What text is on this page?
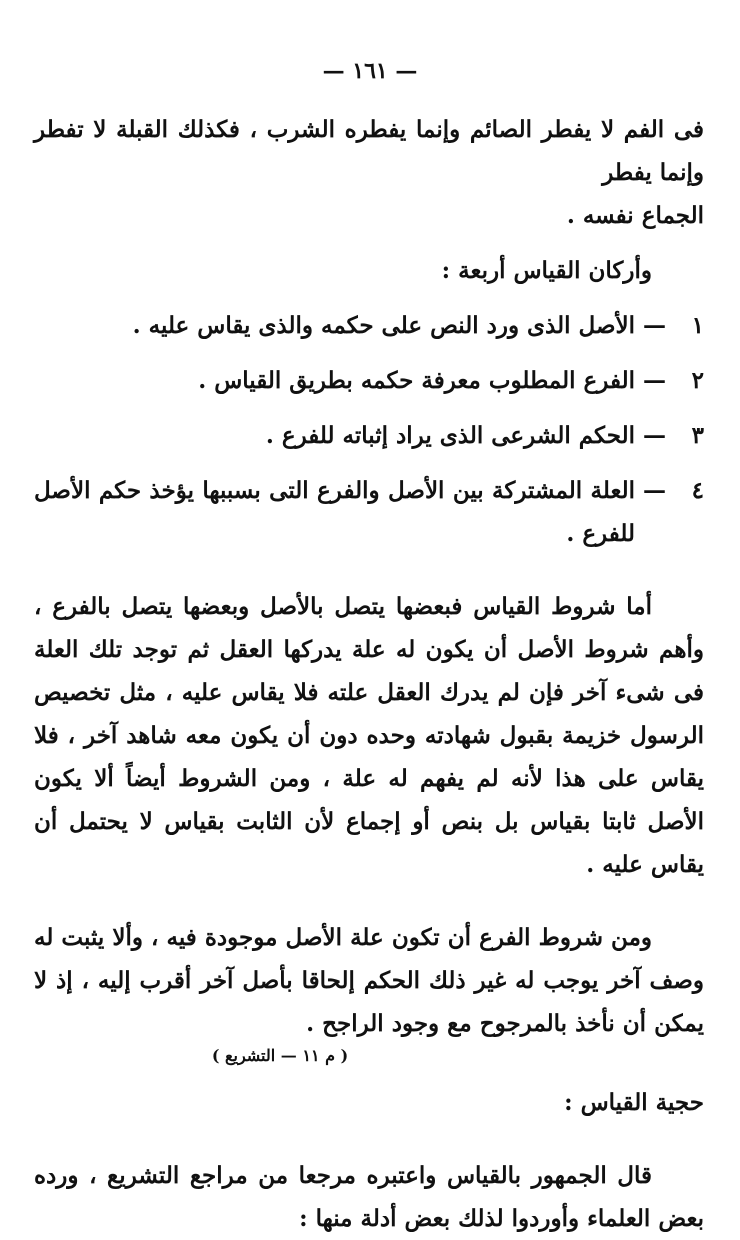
— ١٦١ —

فى الفم لا يفطر الصائم وإنما يفطره الشرب ، فكذلك القبلة لا تفطر وإنما يفطر

الجماع نفسه .

وأركان القياس أربعة :

١
—
الأصل الذى ورد النص على حكمه والذى يقاس عليه .
٢
—
الفرع المطلوب معرفة حكمه بطريق القياس .
٣
—
الحكم الشرعى الذى يراد إثباته للفرع .
٤
—
العلة المشتركة بين الأصل والفرع التى بسببها يؤخذ حكم الأصل للفرع .

أما شروط القياس فبعضها يتصل بالأصل وبعضها يتصل بالفرع ، وأهم شروط الأصل أن يكون له علة يدركها العقل ثم توجد تلك العلة فى شىء آخر فإن لم يدرك العقل علته فلا يقاس عليه ، مثل تخصيص الرسول خزيمة بقبول شهادته وحده دون أن يكون معه شاهد آخر ، فلا يقاس على هذا لأنه لم يفهم له علة ، ومن الشروط أيضاً ألا يكون الأصل ثابتا بقياس بل بنص أو إجماع لأن الثابت بقياس لا يحتمل أن يقاس عليه .

ومن شروط الفرع أن تكون علة الأصل موجودة فيه ، وألا يثبت له وصف آخر يوجب له غير ذلك الحكم إلحاقا بأصل آخر أقرب إليه ، إذ لا يمكن أن نأخذ بالمرجوح مع وجود الراجح .

حجية القياس :

قال الجمهور بالقياس واعتبره مرجعا من مراجع التشريع ، ورده بعض العلماء وأوردوا لذلك بعض أدلة منها :

( م ١١ — التشريع )
